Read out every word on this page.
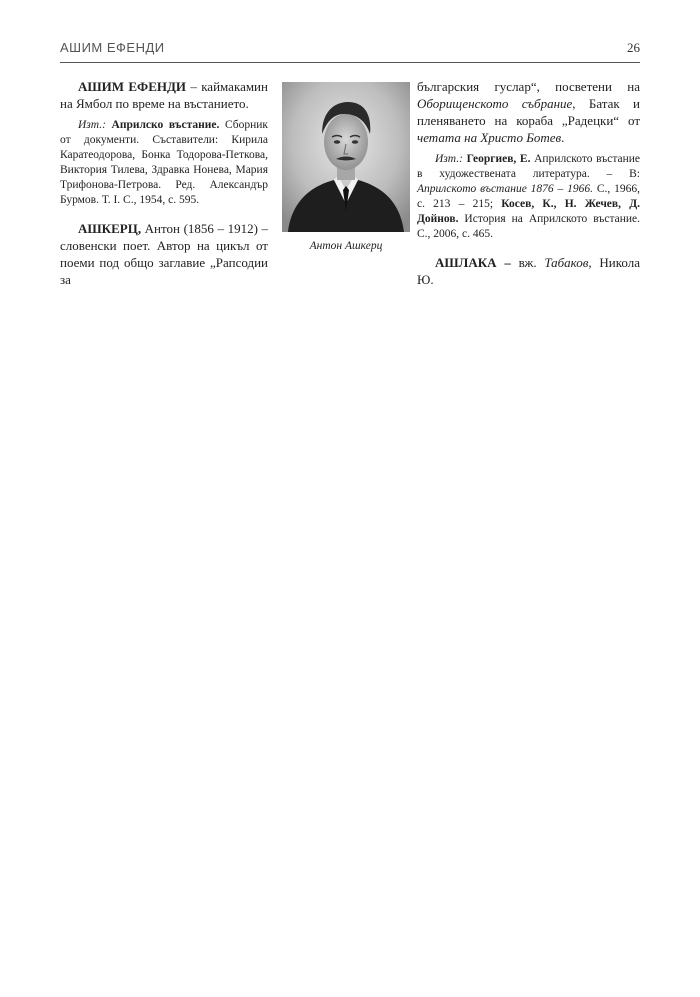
АШИМ ЕФЕНДИ	26

АШИМ ЕФЕНДИ – каймакамин на Ямбол по време на въстанието.

Изт.: Априлско въстание. Сборник от документи. Съставители: Кирила Каратеодорова, Бонка Тодорова-Петкова, Виктория Тилева, Здравка Нонева, Мария Трифонова-Петрова. Ред. Александър Бурмов. Т. I. С., 1954, с. 595.

АШКЕРЦ, Антон (1856 – 1912) – словенски поет. Автор на цикъл от поеми под общо заглавие „Рапсодии за

Антон Ашкерц

българския гуслар“, посветени на Оборищенското събрание, Батак и пленяването на кораба „Радецки“ от четата на Христо Ботев.

Изт.: Георгиев, Е. Априлското въстание в художествената литература. – В: Априлското въстание 1876 – 1966. С., 1966, с. 213 – 215; Косев, К., Н. Жечев, Д. Дойнов. История на Априлското въстание. С., 2006, с. 465.

АШЛАКА – вж. Табаков, Никола Ю.
